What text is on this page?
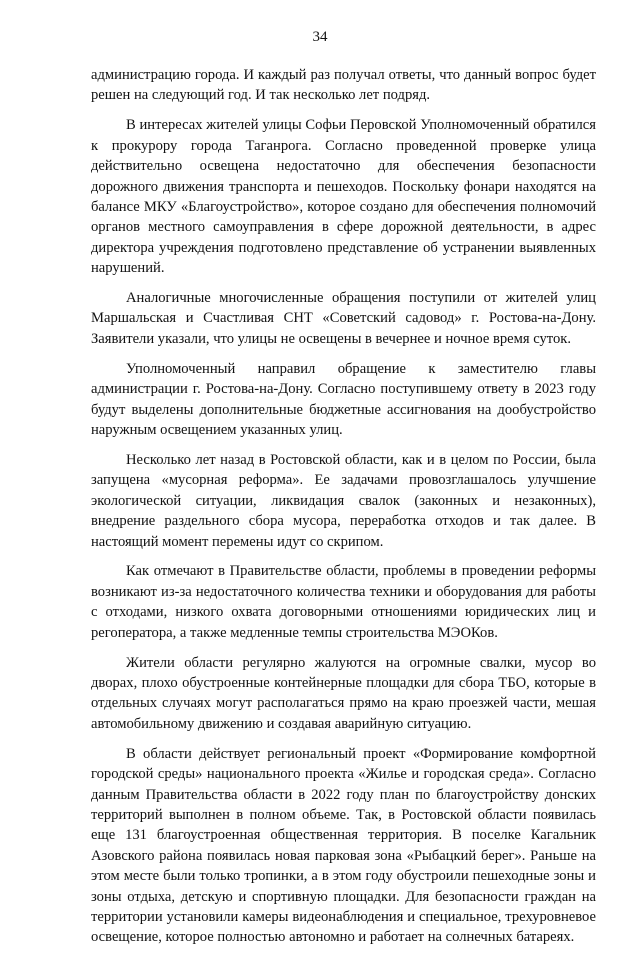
34

администрацию города. И каждый раз получал ответы, что данный вопрос будет решен на следующий год. И так несколько лет подряд.

В интересах жителей улицы Софьи Перовской Уполномоченный обратился к прокурору города Таганрога. Согласно проведенной проверке улица действительно освещена недостаточно для обеспечения безопасности дорожного движения транспорта и пешеходов. Поскольку фонари находятся на балансе МКУ «Благоустройство», которое создано для обеспечения полномочий органов местного самоуправления в сфере дорожной деятельности, в адрес директора учреждения подготовлено представление об устранении выявленных нарушений.

Аналогичные многочисленные обращения поступили от жителей улиц Маршальская и Счастливая СНТ «Советский садовод» г. Ростова-на-Дону. Заявители указали, что улицы не освещены в вечернее и ночное время суток.

Уполномоченный направил обращение к заместителю главы администрации г. Ростова-на-Дону. Согласно поступившему ответу в 2023 году будут выделены дополнительные бюджетные ассигнования на дообустройство наружным освещением указанных улиц.

Несколько лет назад в Ростовской области, как и в целом по России, была запущена «мусорная реформа». Ее задачами провозглашалось улучшение экологической ситуации, ликвидация свалок (законных и незаконных), внедрение раздельного сбора мусора, переработка отходов и так далее. В настоящий момент перемены идут со скрипом.

Как отмечают в Правительстве области, проблемы в проведении реформы возникают из-за недостаточного количества техники и оборудования для работы с отходами, низкого охвата договорными отношениями юридических лиц и регоператора, а также медленные темпы строительства МЭОКов.

Жители области регулярно жалуются на огромные свалки, мусор во дворах, плохо обустроенные контейнерные площадки для сбора ТБО, которые в отдельных случаях могут располагаться прямо на краю проезжей части, мешая автомобильному движению и создавая аварийную ситуацию.

В области действует региональный проект «Формирование комфортной городской среды» национального проекта «Жилье и городская среда». Согласно данным Правительства области в 2022 году план по благоустройству донских территорий выполнен в полном объеме. Так, в Ростовской области появилась еще 131 благоустроенная общественная территория. В поселке Кагальник Азовского района появилась новая парковая зона «Рыбацкий берег». Раньше на этом месте были только тропинки, а в этом году обустроили пешеходные зоны и зоны отдыха, детскую и спортивную площадки. Для безопасности граждан на территории установили камеры видеонаблюдения и специальное, трехуровневое освещение, которое полностью автономно и работает на солнечных батареях.
